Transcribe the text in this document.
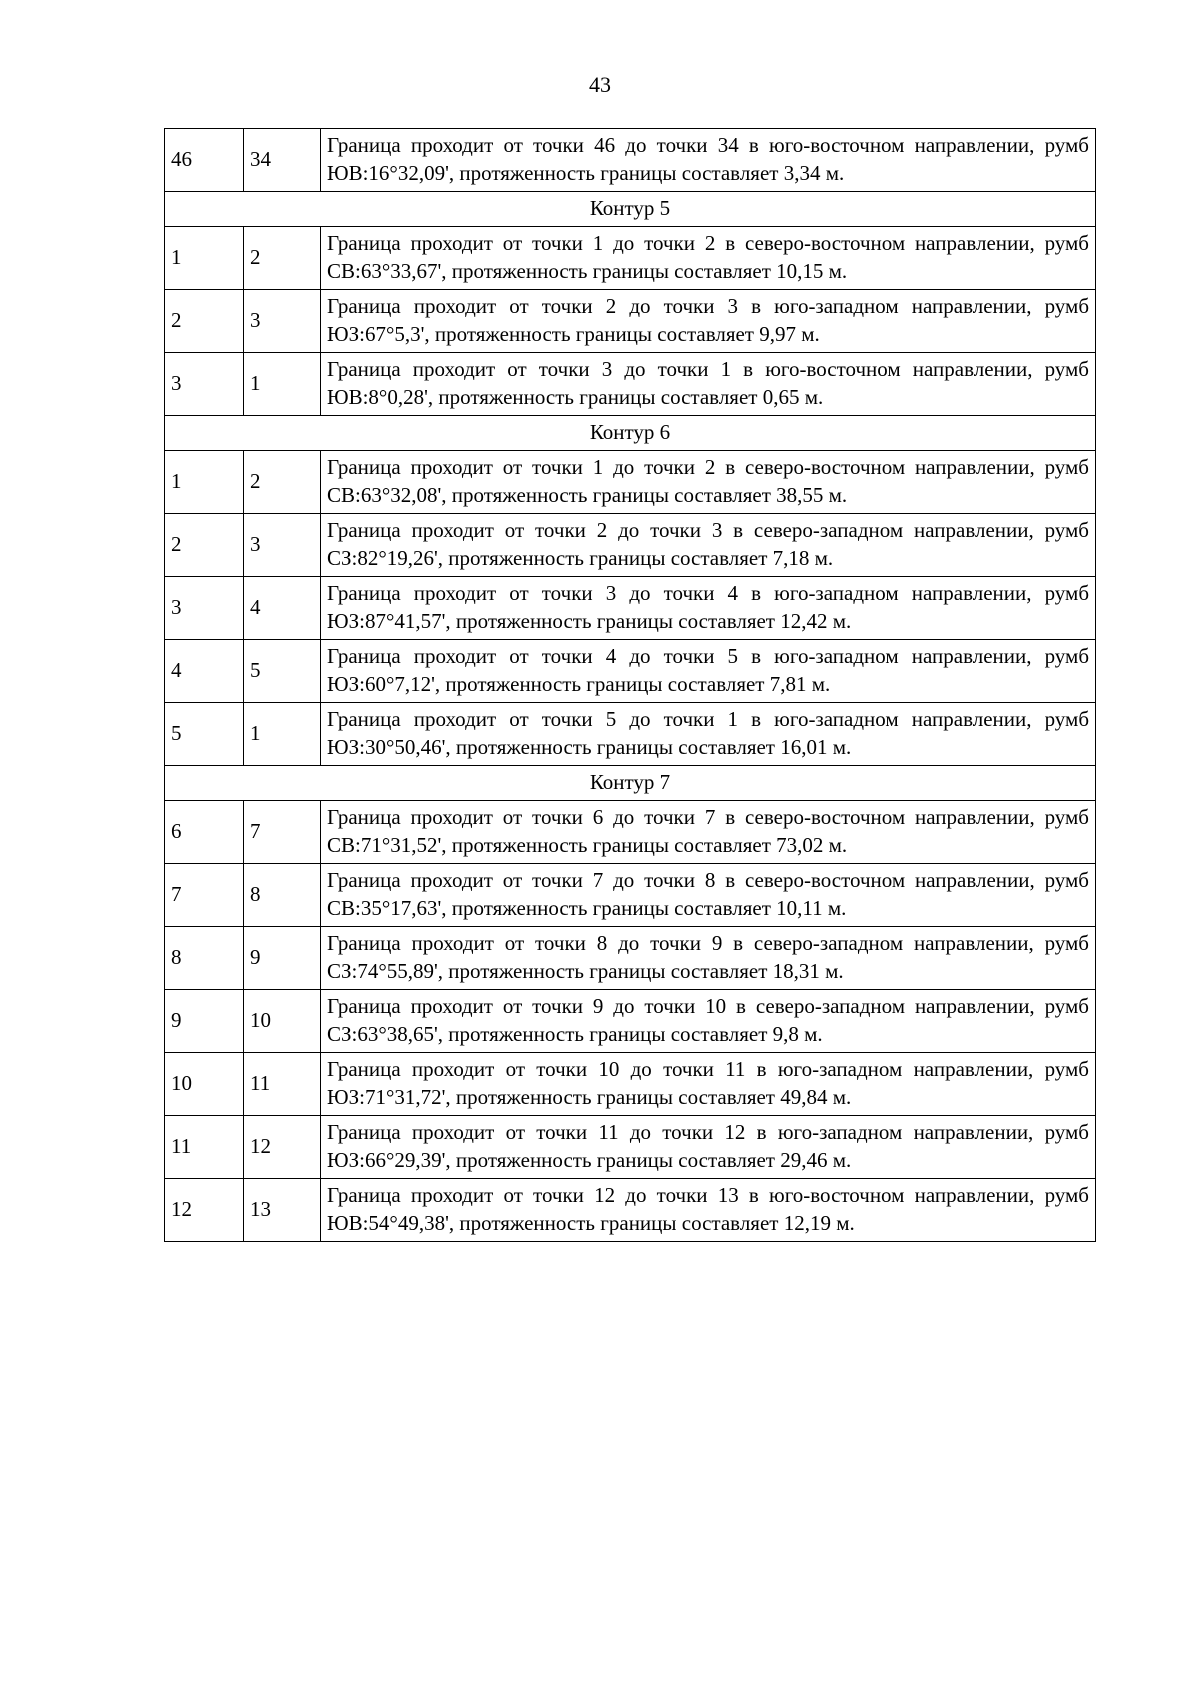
43
46	34	Граница проходит от точки 46 до точки 34 в юго-восточном направлении, румб ЮВ:16°32,09', протяженность границы составляет 3,34 м.
Контур 5		
1	2	Граница проходит от точки 1 до точки 2 в северо-восточном направлении, румб СВ:63°33,67', протяженность границы составляет 10,15 м.
2	3	Граница проходит от точки 2 до точки 3 в юго-западном направлении, румб ЮЗ:67°5,3', протяженность границы составляет 9,97 м.
3	1	Граница проходит от точки 3 до точки 1 в юго-восточном направлении, румб ЮВ:8°0,28', протяженность границы составляет 0,65 м.
Контур 6		
1	2	Граница проходит от точки 1 до точки 2 в северо-восточном направлении, румб СВ:63°32,08', протяженность границы составляет 38,55 м.
2	3	Граница проходит от точки 2 до точки 3 в северо-западном направлении, румб СЗ:82°19,26', протяженность границы составляет 7,18 м.
3	4	Граница проходит от точки 3 до точки 4 в юго-западном направлении, румб ЮЗ:87°41,57', протяженность границы составляет 12,42 м.
4	5	Граница проходит от точки 4 до точки 5 в юго-западном направлении, румб ЮЗ:60°7,12', протяженность границы составляет 7,81 м.
5	1	Граница проходит от точки 5 до точки 1 в юго-западном направлении, румб ЮЗ:30°50,46', протяженность границы составляет 16,01 м.
Контур 7		
6	7	Граница проходит от точки 6 до точки 7 в северо-восточном направлении, румб СВ:71°31,52', протяженность границы составляет 73,02 м.
7	8	Граница проходит от точки 7 до точки 8 в северо-восточном направлении, румб СВ:35°17,63', протяженность границы составляет 10,11 м.
8	9	Граница проходит от точки 8 до точки 9 в северо-западном направлении, румб СЗ:74°55,89', протяженность границы составляет 18,31 м.
9	10	Граница проходит от точки 9 до точки 10 в северо-западном направлении, румб СЗ:63°38,65', протяженность границы составляет 9,8 м.
10	11	Граница проходит от точки 10 до точки 11 в юго-западном направлении, румб ЮЗ:71°31,72', протяженность границы составляет 49,84 м.
11	12	Граница проходит от точки 11 до точки 12 в юго-западном направлении, румб ЮЗ:66°29,39', протяженность границы составляет 29,46 м.
12	13	Граница проходит от точки 12 до точки 13 в юго-восточном направлении, румб ЮВ:54°49,38', протяженность границы составляет 12,19 м.
